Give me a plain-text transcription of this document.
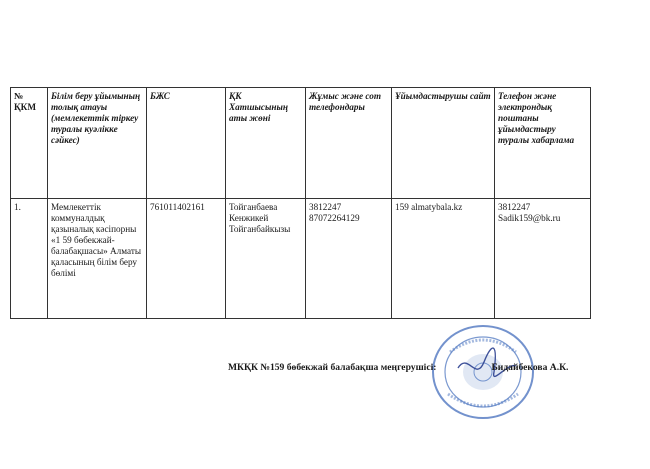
№ ҚКМ	Білім беру ұйымының толық атауы (мемлекеттік тіркеу туралы куәлікке сәйкес)	БЖС	ҚК Хатшысының аты жөні	Жұмыс және сот телефондары	Ұйымдастырушы сайт	Телефон және электрондық поштаны ұйымдастыру туралы хабарлама
1.	Мемлекеттік коммуналдық қазыналық кәсіпорны «1 59 бөбекжай-балабақшасы» Алматы қаласының білім беру бөлімі	761011402161	Тойганбаева Кенжикей Тойганбайкызы	3812247 87072264129	159 almatybala.kz	3812247 Sadik159@bk.ru
МКҚК №159 бөбекжай балабақша меңгерушісі:	Бидайбекова А.К.
